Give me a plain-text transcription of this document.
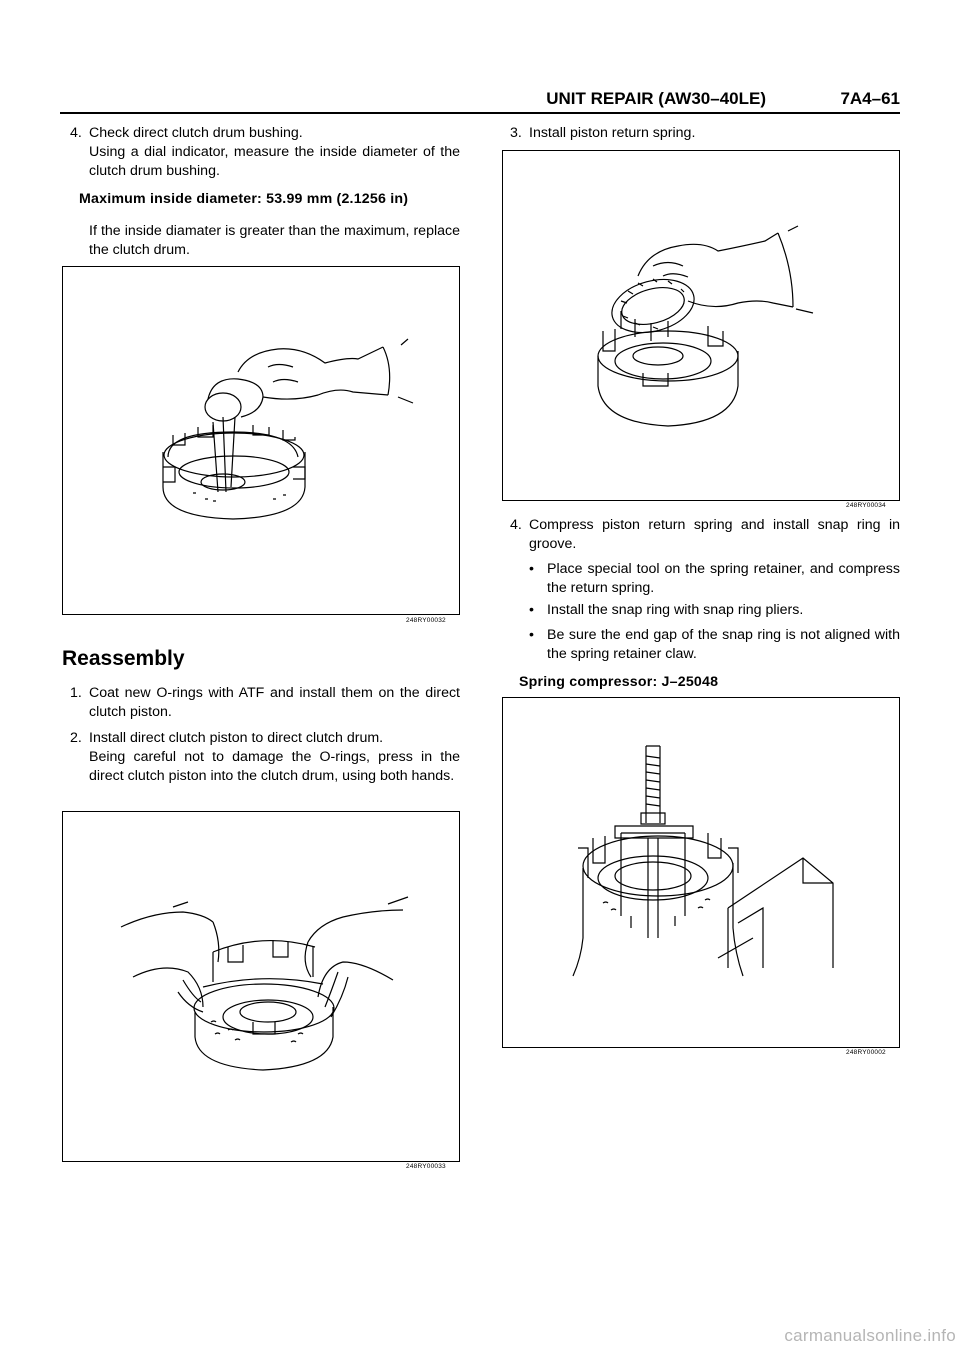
UNIT REPAIR (AW30–40LE)	7A4–61
4. Check direct clutch drum bushing.
Using a dial indicator, measure the inside diameter of the clutch drum bushing.
Maximum inside diameter: 53.99 mm (2.1256 in)
If the inside diamater is greater than the maximum, replace the clutch drum.
248RY00032
Reassembly
1. Coat new O-rings with ATF and install them on the direct clutch piston.
2. Install direct clutch piston to direct clutch drum.
Being careful not to damage the O-rings, press in the direct clutch piston into the clutch drum, using both hands.
248RY00033
3. Install piston return spring.
248RY00034
4. Compress piston return spring and install snap ring in groove.
• Place special tool on the spring retainer, and compress the return spring.
• Install the snap ring with snap ring pliers.
• Be sure the end gap of the snap ring is not aligned with the spring retainer claw.
Spring compressor: J–25048
248RY00002
carmanualsonline.info
